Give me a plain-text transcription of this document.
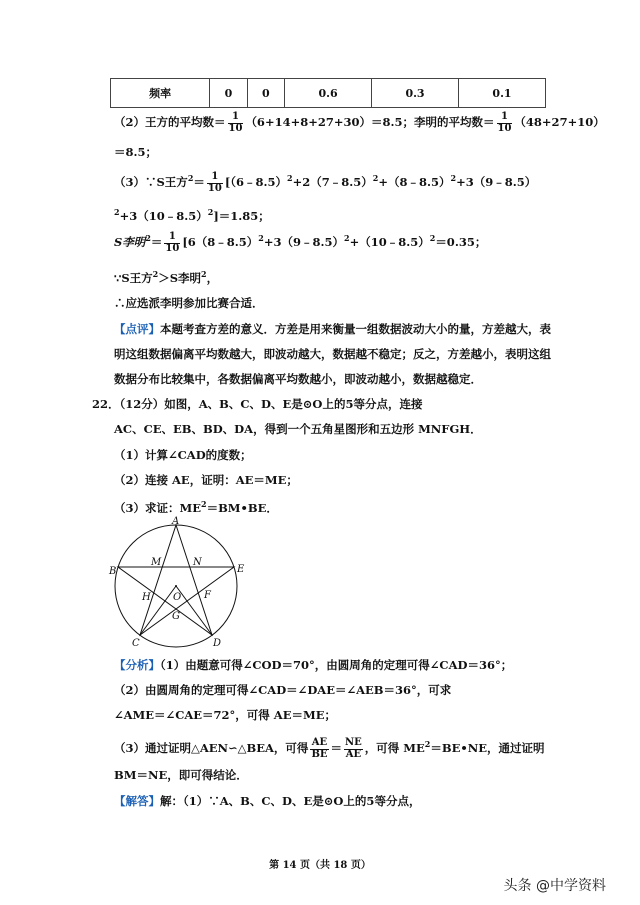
频率	0	0	0.6	0.3	0.1
（2）王方的平均数＝ $\frac{1}{10} (6+14+8+27+30)=8.5$；李明的平均数＝ $\frac{1}{10} (48+27+10)$
＝8.5；
（3）∵S王方$^2= \frac{1}{10}$ [（6﹣8.5）$^2$+2（7﹣8.5）$^2$+（8﹣8.5）$^2$+3（9﹣8.5）
$^2$+3（10﹣8.5）$^2$]＝1.85；
S李明$^2= \frac{1}{10}$ [6（8﹣8.5）$^2$+3（9﹣8.5）$^2$+（10﹣8.5）$^2$＝0.35；
∵S王方$^2$＞S李明$^2$，
∴应选派李明参加比赛合适．
【点评】本题考查方差的意义．方差是用来衡量一组数据波动大小的量，方差越大，表
明这组数据偏离平均数越大，即波动越大，数据越不稳定；反之，方差越小，表明这组
数据分布比较集中，各数据偏离平均数越小，即波动越小，数据越稳定．
22．（12分）如图，A、B、C、D、E是⊙O上的5等分点，连接
AC、CE、EB、BD、DA，得到一个五角星图形和五边形 MNFGH．
（1）计算∠CAD的度数；
（2）连接 AE，证明：AE＝ME；
（3）求证：$ME^2=BM•BE$．
A
B
C	D
E
M	N
H O F
G
【分析】（1）由题意可得∠COD＝70°，由圆周角的定理可得∠CAD＝36°；
（2）由圆周角的定理可得∠CAD＝∠DAE＝∠AEB＝36°，可求
∠AME＝∠CAE＝72°，可得 AE＝ME；
（3）通过证明△AEN∽△BEA，可得 $\frac{AE}{BE} = \frac{NE}{AE}$ ，可得 $ME^2=BE•NE$，通过证明
BM＝NE，即可得结论．
【解答】解：（1）∵A、B、C、D、E是⊙O上的5等分点，
第 14 页（共 18 页）
头条 @中学资料
